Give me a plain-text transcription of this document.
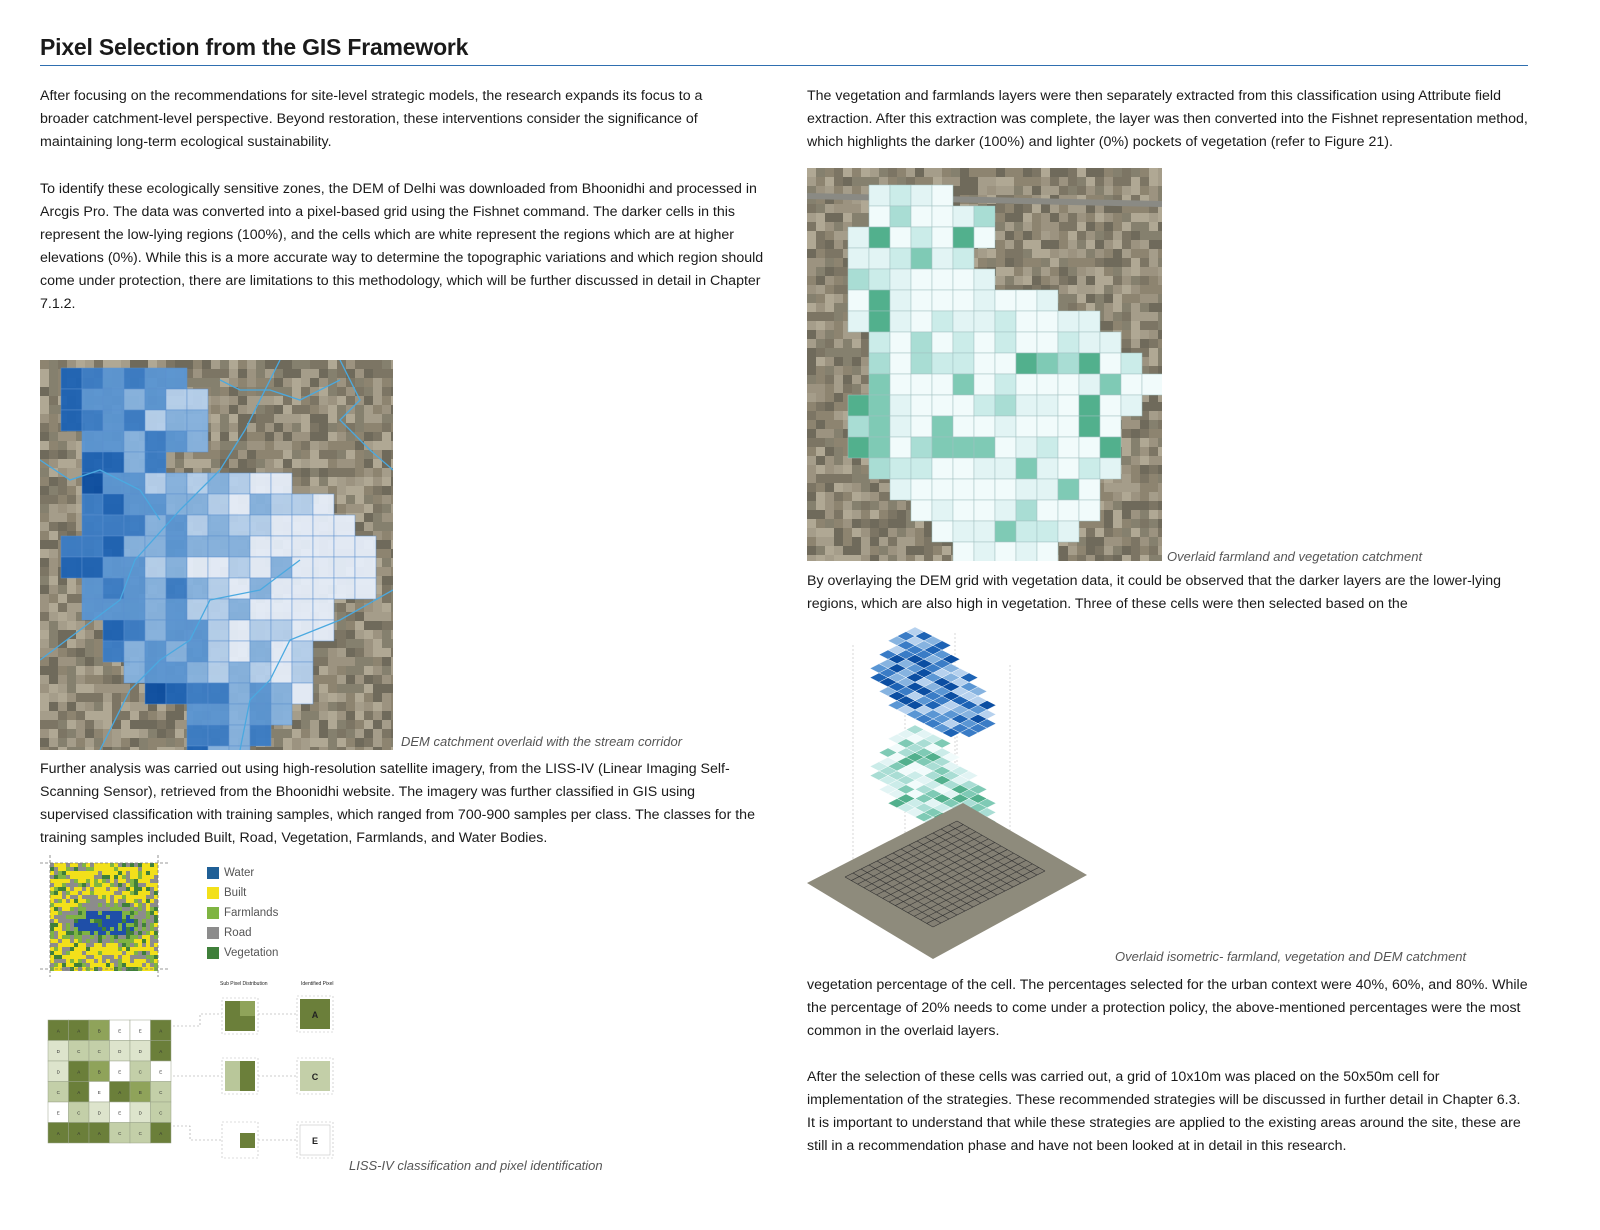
Pixel Selection from the GIS Framework

After focusing on the recommendations for site-level strategic models, the research expands its focus to a broader catchment-level perspective. Beyond restoration, these interventions consider the significance of maintaining long-term ecological sustainability.

To identify these ecologically sensitive zones, the DEM of Delhi was downloaded from Bhoonidhi and processed in Arcgis Pro. The data was converted into a pixel-based grid using the Fishnet command. The darker cells in this represent the low-lying regions (100%), and the cells which are white represent the regions which are at higher elevations (0%). While this is a more accurate way to determine the topographic variations and which region should come under protection, there are limitations to this methodology, which will be further discussed in detail in Chapter 7.1.2.

DEM catchment overlaid with the stream corridor

Further analysis was carried out using high-resolution satellite imagery, from the LISS-IV (Linear Imaging Self-Scanning Sensor), retrieved from the Bhoonidhi website. The imagery was further classified in GIS using supervised classification with training samples, which ranged from 700-900 samples per class. The classes for the training samples included Built, Road, Vegetation, Farmlands, and Water Bodies.

Water
Built
Farmlands
Road
Vegetation
Sub Pixel Distribution	Identified Pixel
A	A	B	E	E	A
D	C	C	D	D	A
D	A	B	E	C	E
C	A	E	A	B	C
E	C	D	E	D	C
A	A	A	C	C	A
A
C
E
LISS-IV classification and pixel identification

The vegetation and farmlands layers were then separately extracted from this classification using Attribute field extraction. After this extraction was complete, the layer was then converted into the Fishnet representation method, which highlights the darker (100%) and lighter (0%) pockets of vegetation (refer to Figure 21).

Overlaid farmland and vegetation catchment

By overlaying the DEM grid with vegetation data, it could be observed that the darker layers are the lower-lying regions, which are also high in vegetation. Three of these cells were then selected based on the

Overlaid isometric- farmland, vegetation and DEM catchment

vegetation percentage of the cell. The percentages selected for the urban context were 40%, 60%, and 80%. While the percentage of 20% needs to come under a protection policy, the above-mentioned percentages were the most common in the overlaid layers.

After the selection of these cells was carried out, a grid of 10x10m was placed on the 50x50m cell for implementation of the strategies. These recommended strategies will be discussed in further detail in Chapter 6.3. It is important to understand that while these strategies are applied to the existing areas around the site, these are still in a recommendation phase and have not been looked at in detail in this research.
